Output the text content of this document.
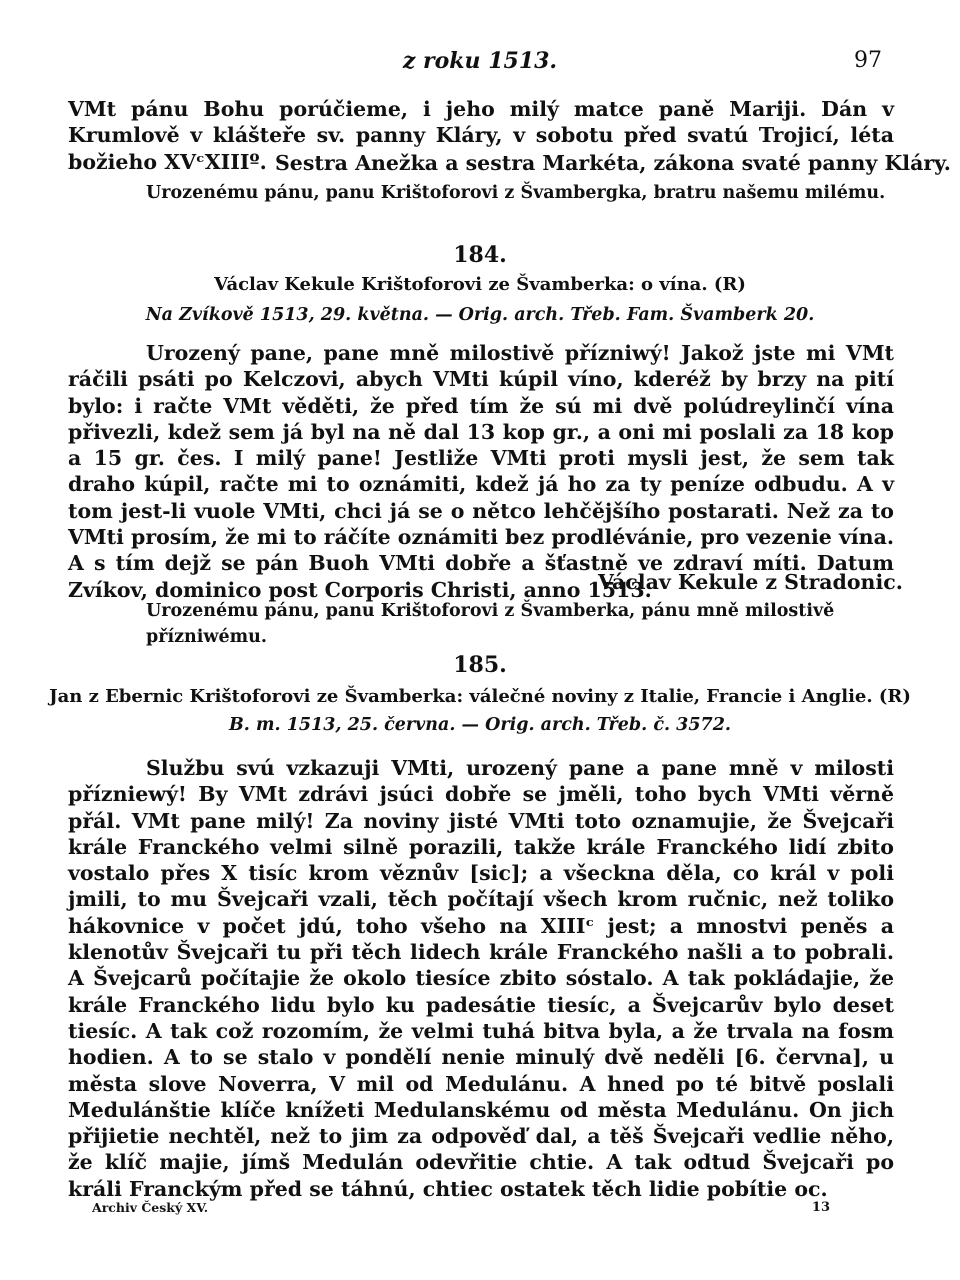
z roku 1513.	97

VMt pánu Bohu porúčieme, i jeho milý matce paně Mariji. Dán v Krumlově v klášteře sv. panny Kláry, v sobotu před svatú Trojicí, léta božieho XVᶜXIIIº. Sestra Anežka a sestra Markéta, zákona svaté panny Kláry.

Urozenému pánu, panu Krištoforovi z Švambergka, bratru našemu milému.

184.
Václav Kekule Krištoforovi ze Švamberka: o vína. (R)
Na Zvíkově 1513, 29. května. — Orig. arch. Třeb. Fam. Švamberk 20.

Urozený pane, pane mně milostivě přízniwý! Jakož jste mi VMt ráčili psáti po Kelczovi, abych VMti kúpil víno, kderéž by brzy na pití bylo: i račte VMt věděti, že před tím že sú mi dvě polúdreylinčí vína přivezli, kdež sem já byl na ně dal 13 kop gr., a oni mi poslali za 18 kop a 15 gr. čes. I milý pane! Jestliže VMti proti mysli jest, že sem tak draho kúpil, račte mi to oznámiti, kdež já ho za ty peníze odbudu. A v tom jest-li vuole VMti, chci já se o nětco lehčějšího postarati. Než za to VMti prosím, že mi to ráčíte oznámiti bez prodlévánie, pro vezenie vína. A s tím dejž se pán Buoh VMti dobře a šťastně ve zdraví míti. Datum Zvíkov, dominico post Corporis Christi, anno 1513.

Václav Kekule z Stradonic.

Urozenému pánu, panu Krištoforovi z Švamberka, pánu mně milostivě přízniwému.

185.
Jan z Ebernic Krištoforovi ze Švamberka: válečné noviny z Italie, Francie i Anglie. (R)
B. m. 1513, 25. června. — Orig. arch. Třeb. č. 3572.

Službu svú vzkazuji VMti, urozený pane a pane mně v milosti přízniewý! By VMt zdrávi jsúci dobře se jměli, toho bych VMti věrně přál. VMt pane milý! Za noviny jisté VMti toto oznamujie, že Švejcaři krále Franckého velmi silně porazili, takže krále Franckého lidí zbito vostalo přes X tisíc krom věznův [sic]; a všeckna děla, co král v poli jmili, to mu Švejcaři vzali, těch počítají všech krom ručnic, než toliko hákovnice v počet jdú, toho všeho na XIIIᶜ jest; a mnostvi peněs a klenotův Švejcaři tu při těch lidech krále Franckého našli a to pobrali. A Švejcarů počítajie že okolo tiesíce zbito sóstalo. A tak pokládajie, že krále Franckého lidu bylo ku padesátie tiesíc, a Švejcarův bylo deset tiesíc. A tak což rozomím, že velmi tuhá bitva byla, a že trvala na fosm hodien. A to se stalo v pondělí nenie minulý dvě neděli [6. června], u města slove Noverra, V mil od Medulánu. A hned po té bitvě poslali Medulánštie klíče knížeti Medulanskému od města Medulánu. On jich přijietie nechtěl, než to jim za odpověď dal, a těš Švejcaři vedlie něho, že klíč majie, jímš Medulán odevřitie chtie. A tak odtud Švejcaři po králi Franckým před se táhnú, chtiec ostatek těch lidie pobítie oc.

Archiv Český XV.	13
